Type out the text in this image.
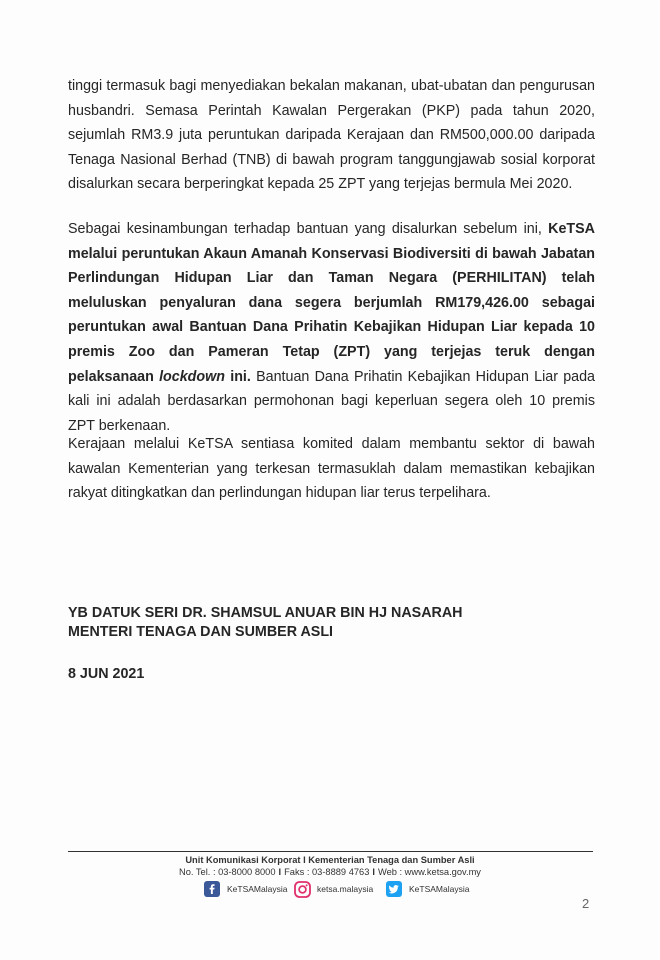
tinggi termasuk bagi menyediakan bekalan makanan, ubat-ubatan dan pengurusan husbandri. Semasa Perintah Kawalan Pergerakan (PKP) pada tahun 2020, sejumlah RM3.9 juta peruntukan daripada Kerajaan dan RM500,000.00 daripada Tenaga Nasional Berhad (TNB) di bawah program tanggungjawab sosial korporat disalurkan secara berperingkat kepada 25 ZPT yang terjejas bermula Mei 2020.

Sebagai kesinambungan terhadap bantuan yang disalurkan sebelum ini, KeTSA melalui peruntukan Akaun Amanah Konservasi Biodiversiti di bawah Jabatan Perlindungan Hidupan Liar dan Taman Negara (PERHILITAN) telah meluluskan penyaluran dana segera berjumlah RM179,426.00 sebagai peruntukan awal Bantuan Dana Prihatin Kebajikan Hidupan Liar kepada 10 premis Zoo dan Pameran Tetap (ZPT) yang terjejas teruk dengan pelaksanaan lockdown ini. Bantuan Dana Prihatin Kebajikan Hidupan Liar pada kali ini adalah berdasarkan permohonan bagi keperluan segera oleh 10 premis ZPT berkenaan.

Kerajaan melalui KeTSA sentiasa komited dalam membantu sektor di bawah kawalan Kementerian yang terkesan termasuklah dalam memastikan kebajikan rakyat ditingkatkan dan perlindungan hidupan liar terus terpelihara.

YB DATUK SERI DR. SHAMSUL ANUAR BIN HJ NASARAH
MENTERI TENAGA DAN SUMBER ASLI
8 JUN 2021
Unit Komunikasi Korporat I Kementerian Tenaga dan Sumber Asli
No. Tel. : 03-8000 8000 I Faks : 03-8889 4763 I Web : www.ketsa.gov.my
KeTSAMalaysia	ketsa.malaysia	KeTSAMalaysia
2
